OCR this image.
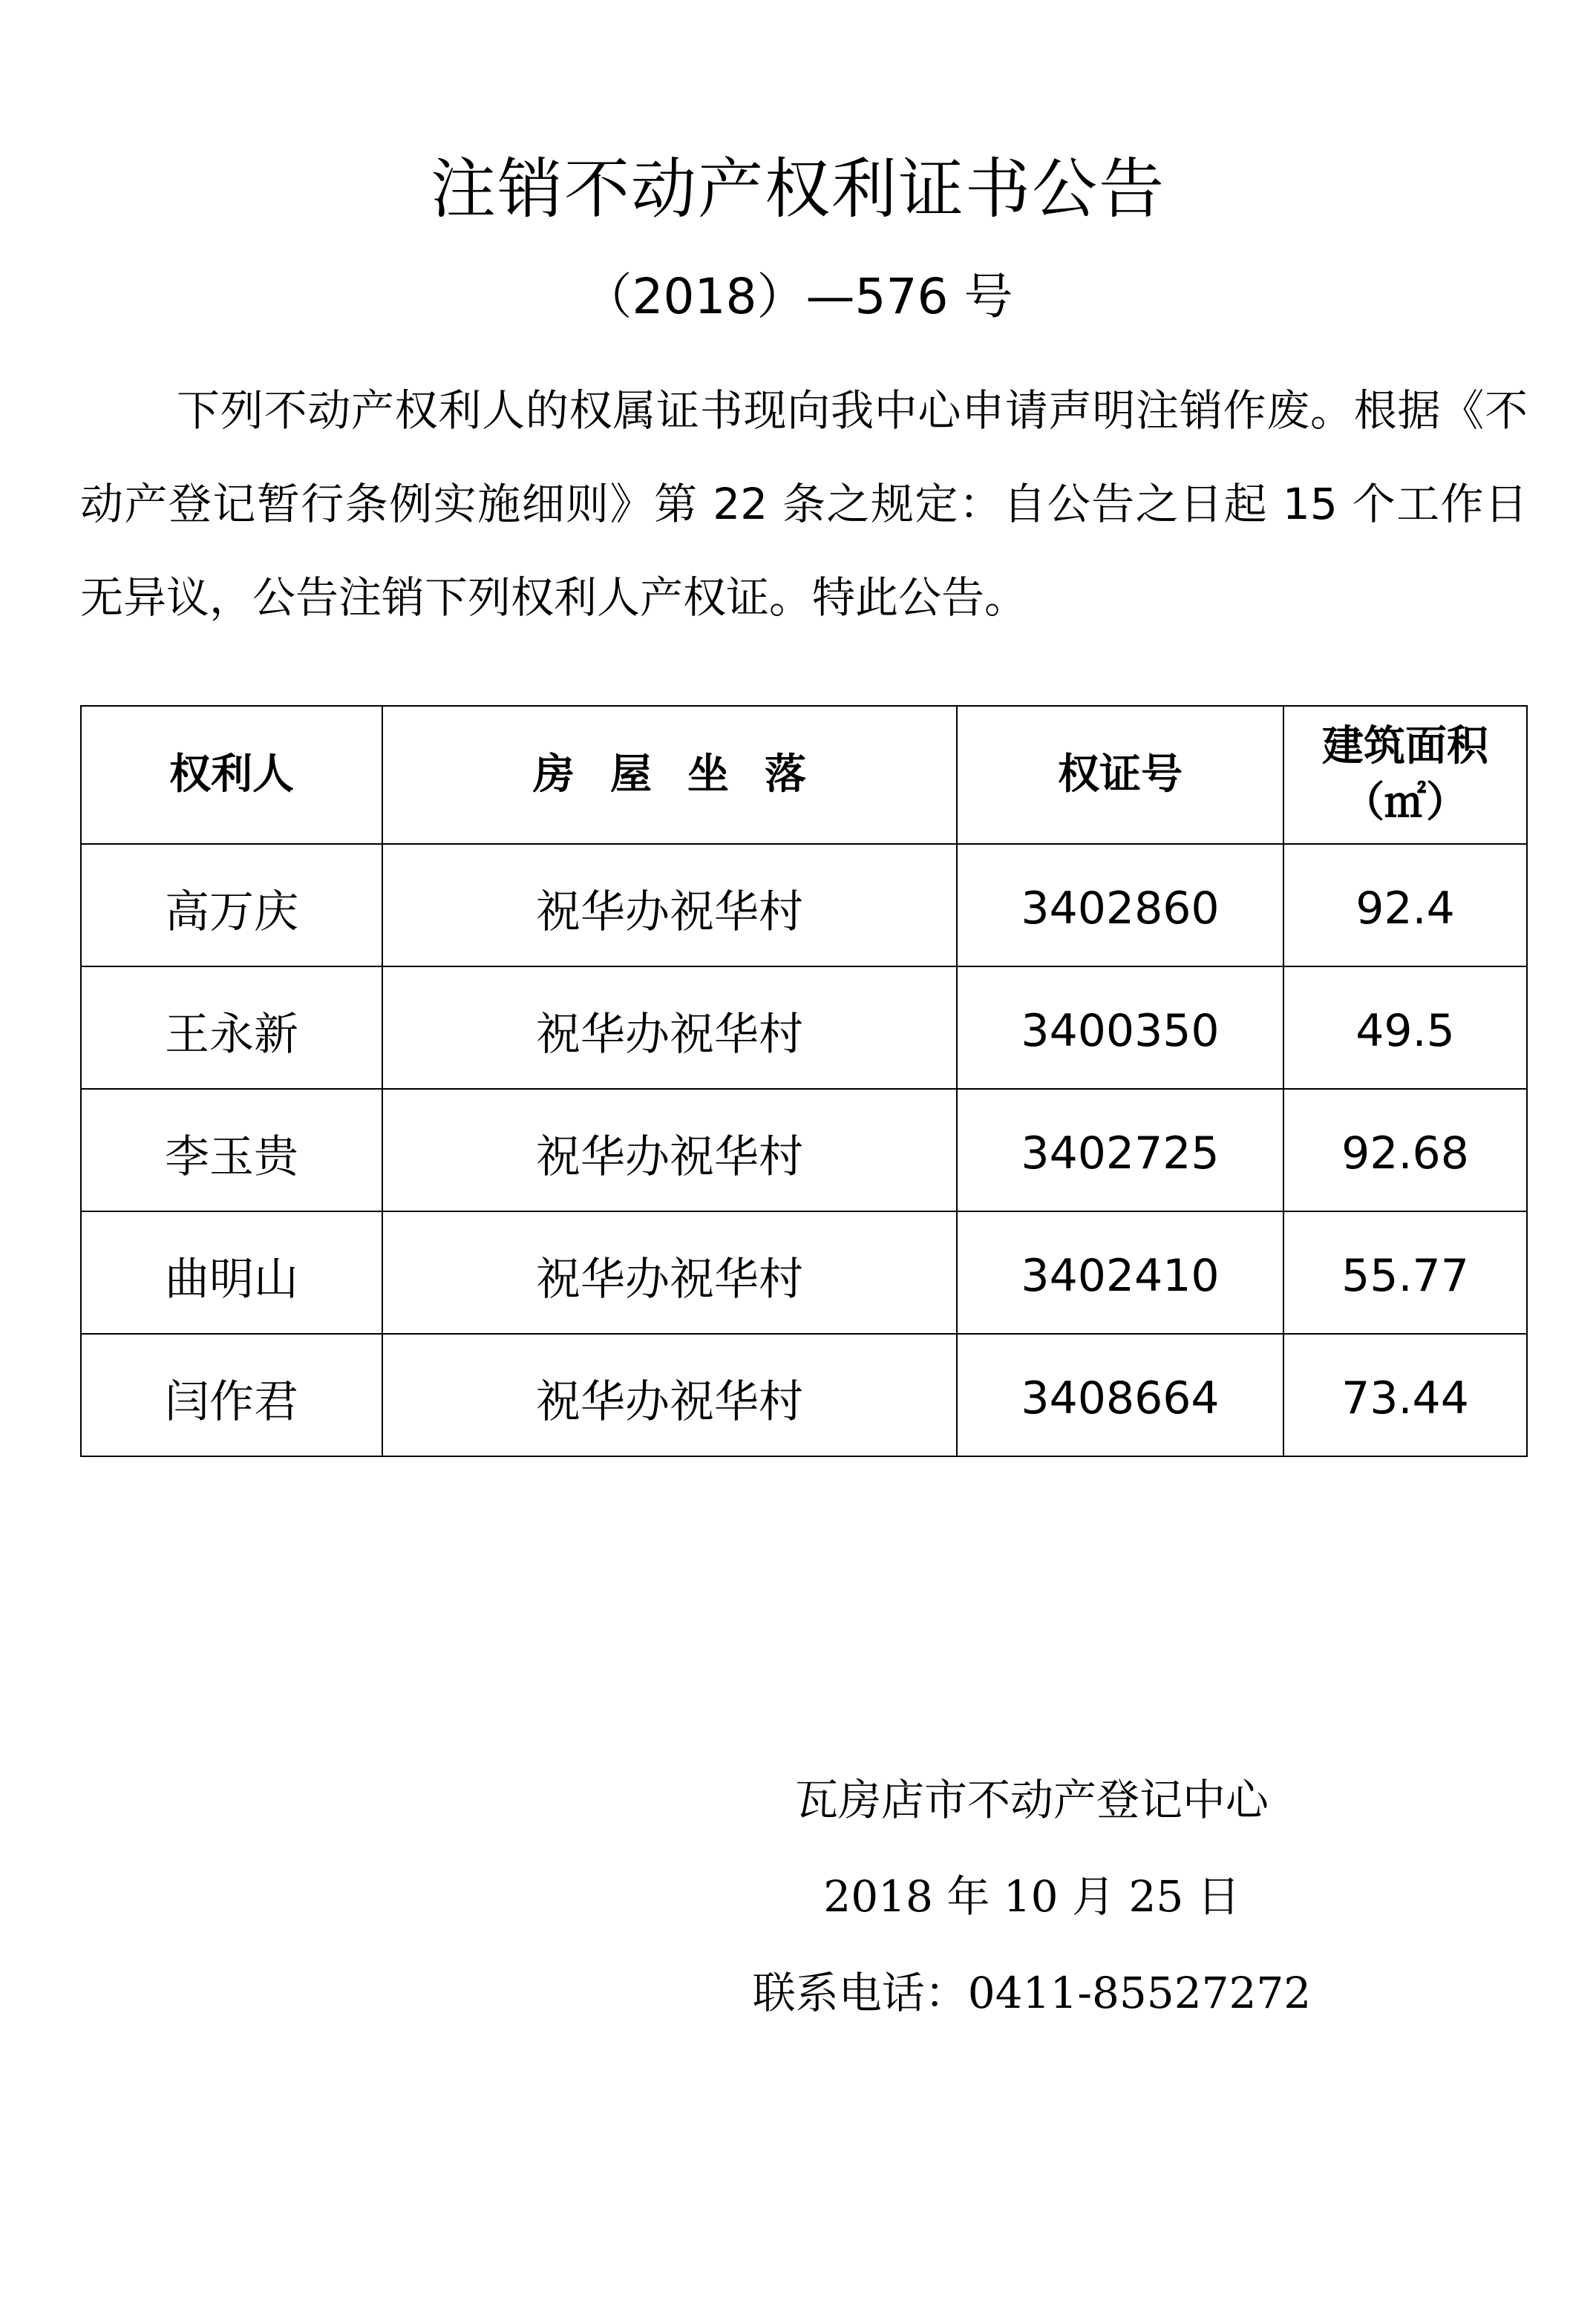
注销不动产权利证书公告
（2018）—576 号

下列不动产权利人的权属证书现向我中心申请声明注销作废。根据《不动产登记暂行条例实施细则》第 22 条之规定：自公告之日起 15 个工作日无异议，公告注销下列权利人产权证。特此公告。

权利人	房屋坐落	权证号	建筑面积
（㎡）

高万庆	祝华办祝华村	3402860	92.4
王永新	祝华办祝华村	3400350	49.5
李玉贵	祝华办祝华村	3402725	92.68
曲明山	祝华办祝华村	3402410	55.77
闫作君	祝华办祝华村	3408664	73.44
瓦房店市不动产登记中心
2018 年 10 月 25 日
联系电话：0411-85527272
